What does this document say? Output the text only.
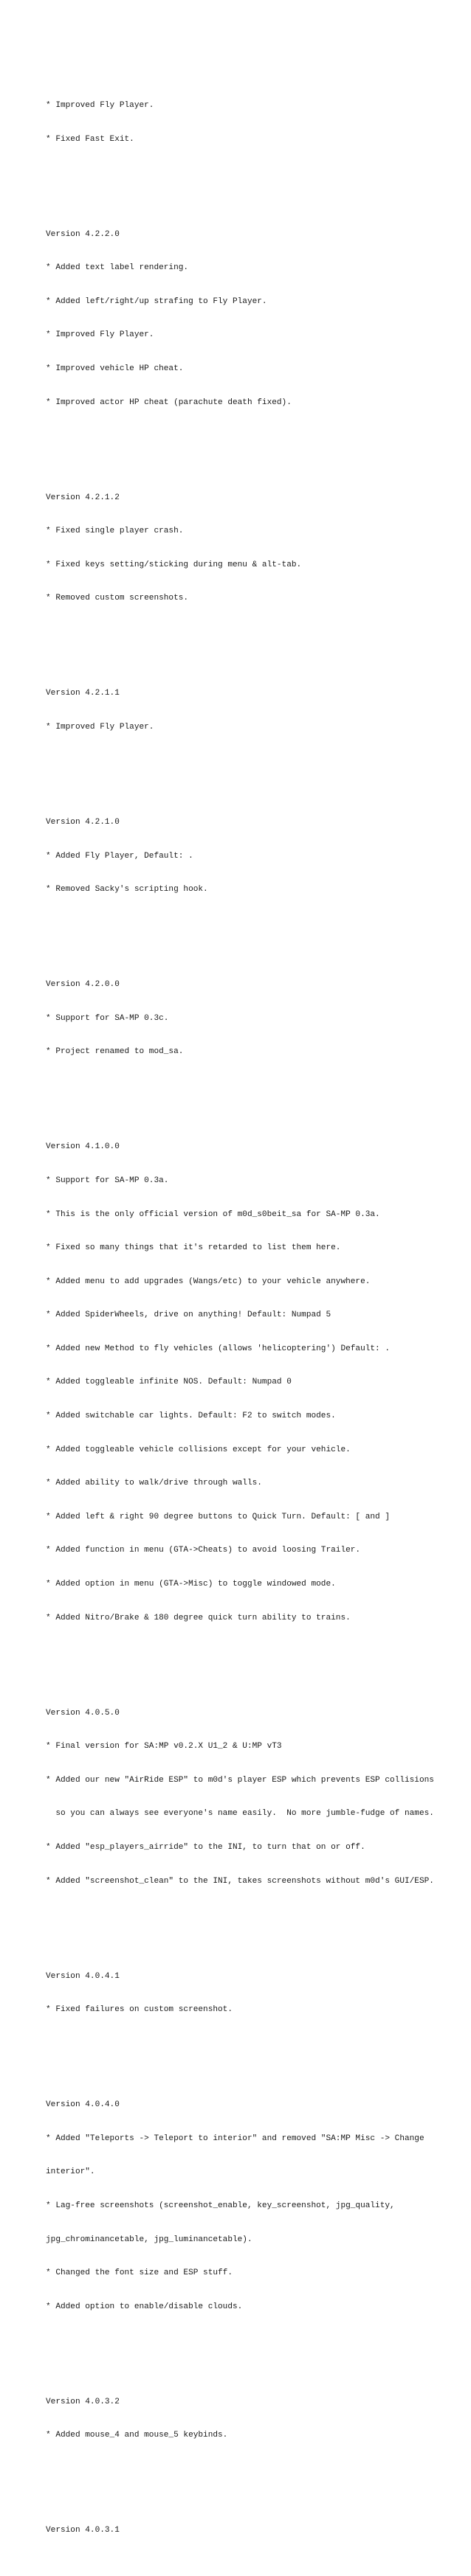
* Improved Fly Player.

* Fixed Fast Exit.

Version 4.2.2.0

* Added text label rendering.

* Added left/right/up strafing to Fly Player.

* Improved Fly Player.

* Improved vehicle HP cheat.

* Improved actor HP cheat (parachute death fixed).

Version 4.2.1.2

* Fixed single player crash.

* Fixed keys setting/sticking during menu & alt-tab.

* Removed custom screenshots.

Version 4.2.1.1

* Improved Fly Player.

Version 4.2.1.0

* Added Fly Player, Default: .

* Removed Sacky's scripting hook.

Version 4.2.0.0

* Support for SA-MP 0.3c.

* Project renamed to mod_sa.

Version 4.1.0.0

* Support for SA-MP 0.3a.

* This is the only official version of m0d_s0beit_sa for SA-MP 0.3a.

* Fixed so many things that it's retarded to list them here.

* Added menu to add upgrades (Wangs/etc) to your vehicle anywhere.

* Added SpiderWheels, drive on anything! Default: Numpad 5

* Added new Method to fly vehicles (allows 'helicoptering') Default: .

* Added toggleable infinite NOS. Default: Numpad 0

* Added switchable car lights. Default: F2 to switch modes.

* Added toggleable vehicle collisions except for your vehicle.

* Added ability to walk/drive through walls.

* Added left & right 90 degree buttons to Quick Turn. Default: [ and ]

* Added function in menu (GTA->Cheats) to avoid loosing Trailer.

* Added option in menu (GTA->Misc) to toggle windowed mode.

* Added Nitro/Brake & 180 degree quick turn ability to trains.

Version 4.0.5.0

* Final version for SA:MP v0.2.X U1_2 & U:MP vT3

* Added our new "AirRide ESP" to m0d's player ESP which prevents ESP collisions

so you can always see everyone's name easily.  No more jumble-fudge of names.

* Added "esp_players_airride" to the INI, to turn that on or off.

* Added "screenshot_clean" to the INI, takes screenshots without m0d's GUI/ESP.

Version 4.0.4.1

* Fixed failures on custom screenshot.

Version 4.0.4.0

* Added "Teleports -> Teleport to interior" and removed "SA:MP Misc -> Change

interior".

* Lag-free screenshots (screenshot_enable, key_screenshot, jpg_quality,

jpg_chrominancetable, jpg_luminancetable).

* Changed the font size and ESP stuff.

* Added option to enable/disable clouds.

Version 4.0.3.2

* Added mouse_4 and mouse_5 keybinds.

Version 4.0.3.1
